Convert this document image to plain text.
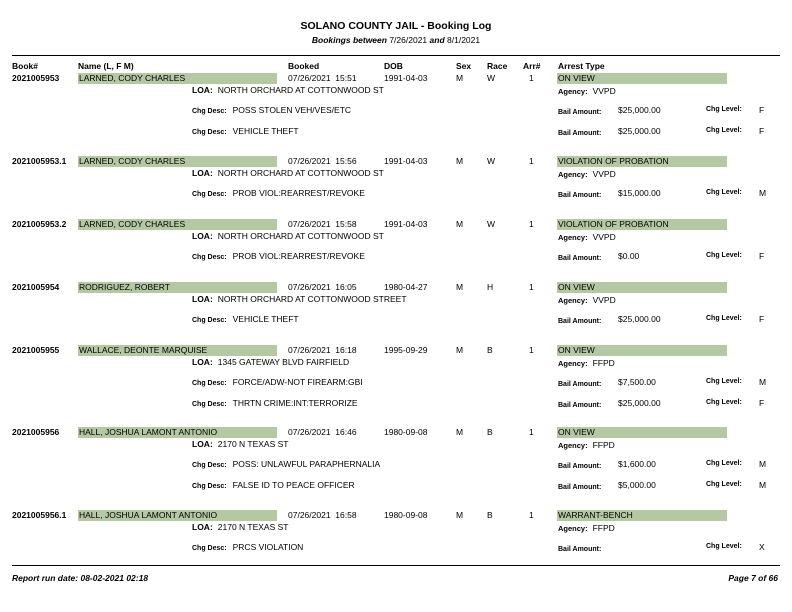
SOLANO COUNTY JAIL - Booking Log
Bookings between 7/26/2021 and 8/1/2021
Book#	Name (L, F M)	Booked	DOB	Sex Race Arr# Arrest Type
2021005953 LARNED, CODY CHARLES	07/26/2021 15:51	1991-04-03	M	W	1	ON VIEW
LOA: NORTH ORCHARD AT COTTONWOOD ST	Agency: VVPD
Chg Desc: POSS STOLEN VEH/VES/ETC	Bail Amount: $25,000.00	Chg Level: F
Chg Desc: VEHICLE THEFT	Bail Amount: $25,000.00	Chg Level: F
2021005953.1 LARNED, CODY CHARLES	07/26/2021 15:56	1991-04-03	M	W	1	VIOLATION OF PROBATION
LOA: NORTH ORCHARD AT COTTONWOOD ST	Agency: VVPD
Chg Desc: PROB VIOL:REARREST/REVOKE	Bail Amount: $15,000.00	Chg Level: M
2021005953.2 LARNED, CODY CHARLES	07/26/2021 15:58	1991-04-03	M	W	1	VIOLATION OF PROBATION
LOA: NORTH ORCHARD AT COTTONWOOD ST	Agency: VVPD
Chg Desc: PROB VIOL:REARREST/REVOKE	Bail Amount: $0.00	Chg Level: F
2021005954 RODRIGUEZ, ROBERT	07/26/2021 16:05	1980-04-27	M	H	1	ON VIEW
LOA: NORTH ORCHARD AT COTTONWOOD STREET	Agency: VVPD
Chg Desc: VEHICLE THEFT	Bail Amount: $25,000.00	Chg Level: F
2021005955 WALLACE, DEONTE MARQUISE	07/26/2021 16:18	1995-09-29	M	B	1	ON VIEW
LOA: 1345 GATEWAY BLVD FAIRFIELD	Agency: FFPD
Chg Desc: FORCE/ADW-NOT FIREARM:GBI	Bail Amount: $7,500.00	Chg Level: M
Chg Desc: THRTN CRIME:INT:TERRORIZE	Bail Amount: $25,000.00	Chg Level: F
2021005956 HALL, JOSHUA LAMONT ANTONIO	07/26/2021 16:46	1980-09-08	M	B	1	ON VIEW
LOA: 2170 N TEXAS ST	Agency: FFPD
Chg Desc: POSS: UNLAWFUL PARAPHERNALIA	Bail Amount: $1,600.00	Chg Level: M
Chg Desc: FALSE ID TO PEACE OFFICER	Bail Amount: $5,000.00	Chg Level: M
2021005956.1 HALL, JOSHUA LAMONT ANTONIO	07/26/2021 16:58	1980-09-08	M	B	1	WARRANT-BENCH
LOA: 2170 N TEXAS ST	Agency: FFPD
Chg Desc: PRCS VIOLATION	Bail Amount:	Chg Level: X
Report run date: 08-02-2021 02:18	Page 7 of 66
